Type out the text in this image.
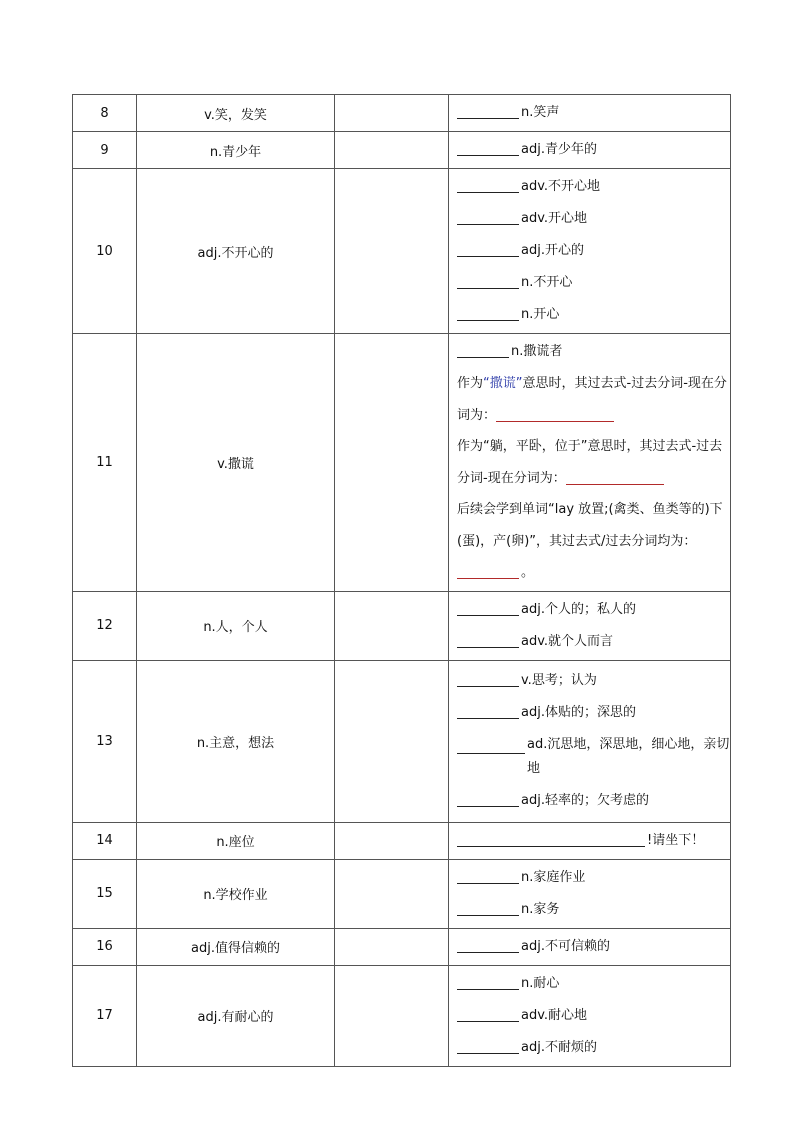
8	v.笑，发笑		n.笑声

9	n.青少年		adj.青少年的

10	adj.不开心的		adv.不开心地
adv.开心地
adj.开心的
n.不开心
n.开心

11	v.撒谎		n.撒谎者
作为“撒谎”意思时，其过去式-过去分词-现在分词为：
作为“躺，平卧，位于”意思时，其过去式-过去分词-现在分词为：
后续会学到单词“lay 放置;(禽类、鱼类等的)下(蛋)，产(卵)”，其过去式/过去分词均为：。

12	n.人，个人		adj.个人的；私人的
adv.就个人而言

13	n.主意，想法		v.思考；认为
adj.体贴的；深思的
ad.沉思地，深思地，细心地，亲切地
adj.轻率的；欠考虑的

14	n.座位		!请坐下！

15	n.学校作业		n.家庭作业
n.家务

16	adj.值得信赖的		adj.不可信赖的

17	adj.有耐心的		n.耐心
adv.耐心地
adj.不耐烦的
